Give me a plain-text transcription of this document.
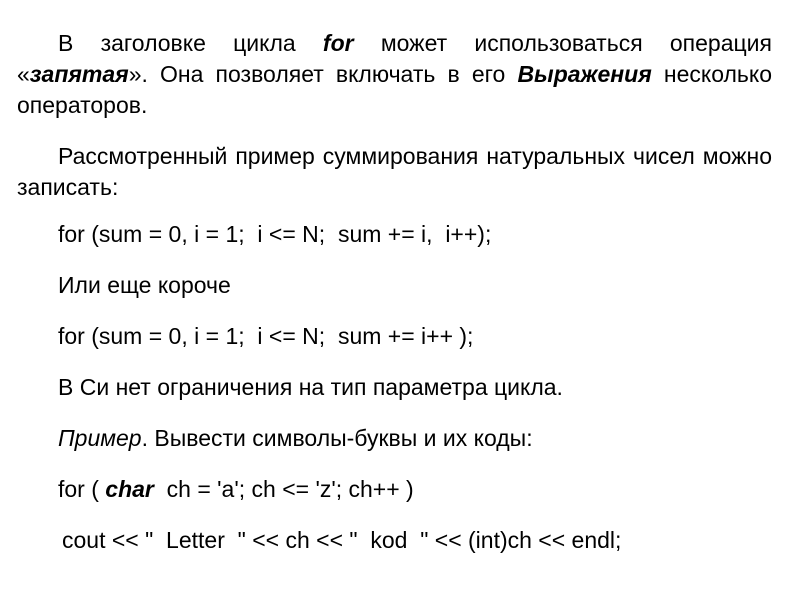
В заголовке цикла for может использоваться операция «запятая». Она позволяет включать в его Выражения несколько операторов.

Рассмотренный пример суммирования натуральных чисел можно записать:

for (sum = 0, i = 1;  i <= N;  sum += i,  i++);
Или еще короче
for (sum = 0, i = 1;  i <= N;  sum += i++ );
В Си нет ограничения на тип параметра цикла.
Пример. Вывести символы-буквы и их коды:
for ( char  ch = 'a'; ch <= 'z'; ch++ )
cout << "  Letter  " << ch << "  kod  " << (int)ch << endl;
